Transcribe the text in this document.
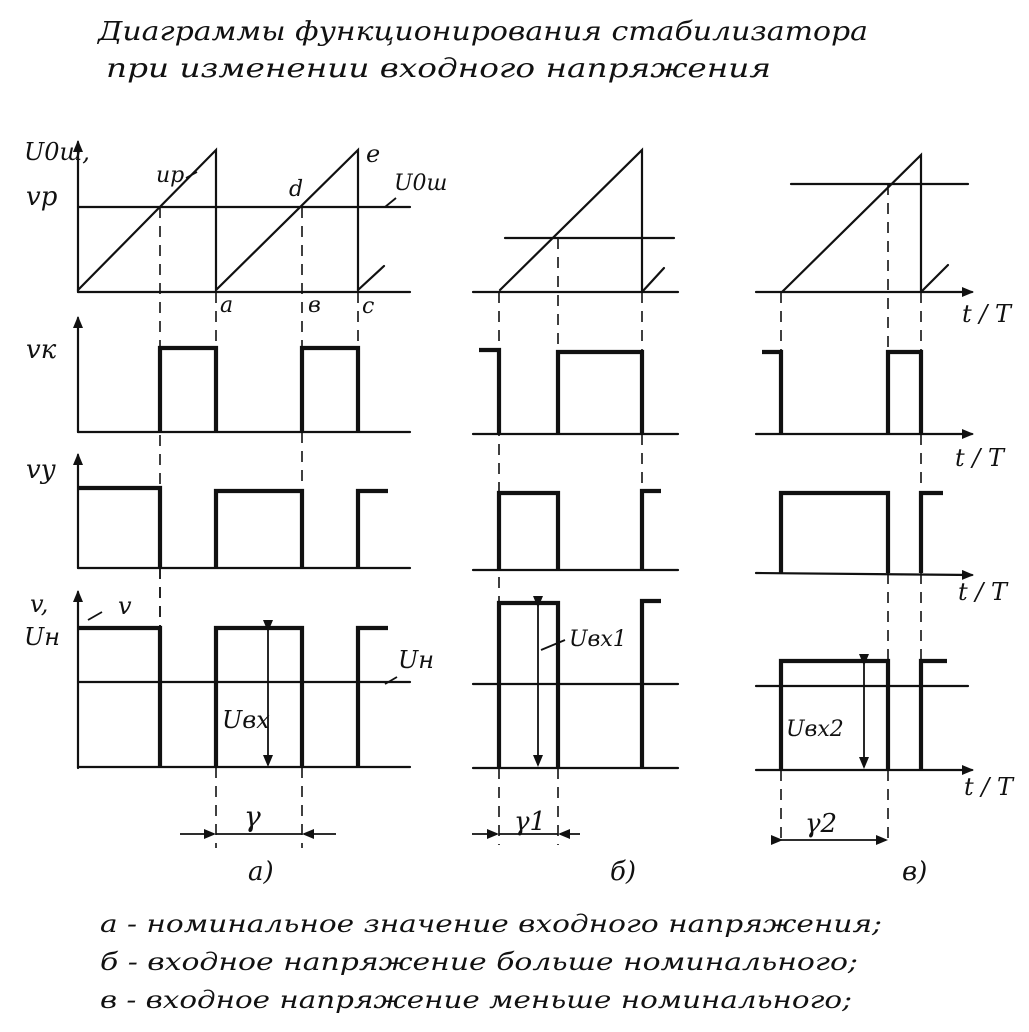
Диаграммы функционирования стабилизатора
при изменении входного напряжения
U0ш,
vр
vк
vy
v,
Uн
t / T
t / T
t / T
t / T
uр	U0ш
d
e
a	в c
v
Uн
Uвх
Uвх1
Uвх2
γ	γ1	γ2
а)	б)	в)
а - номинальное значение входного напряжения;
б - входное напряжение больше номинального;
в - входное напряжение меньше номинального;
